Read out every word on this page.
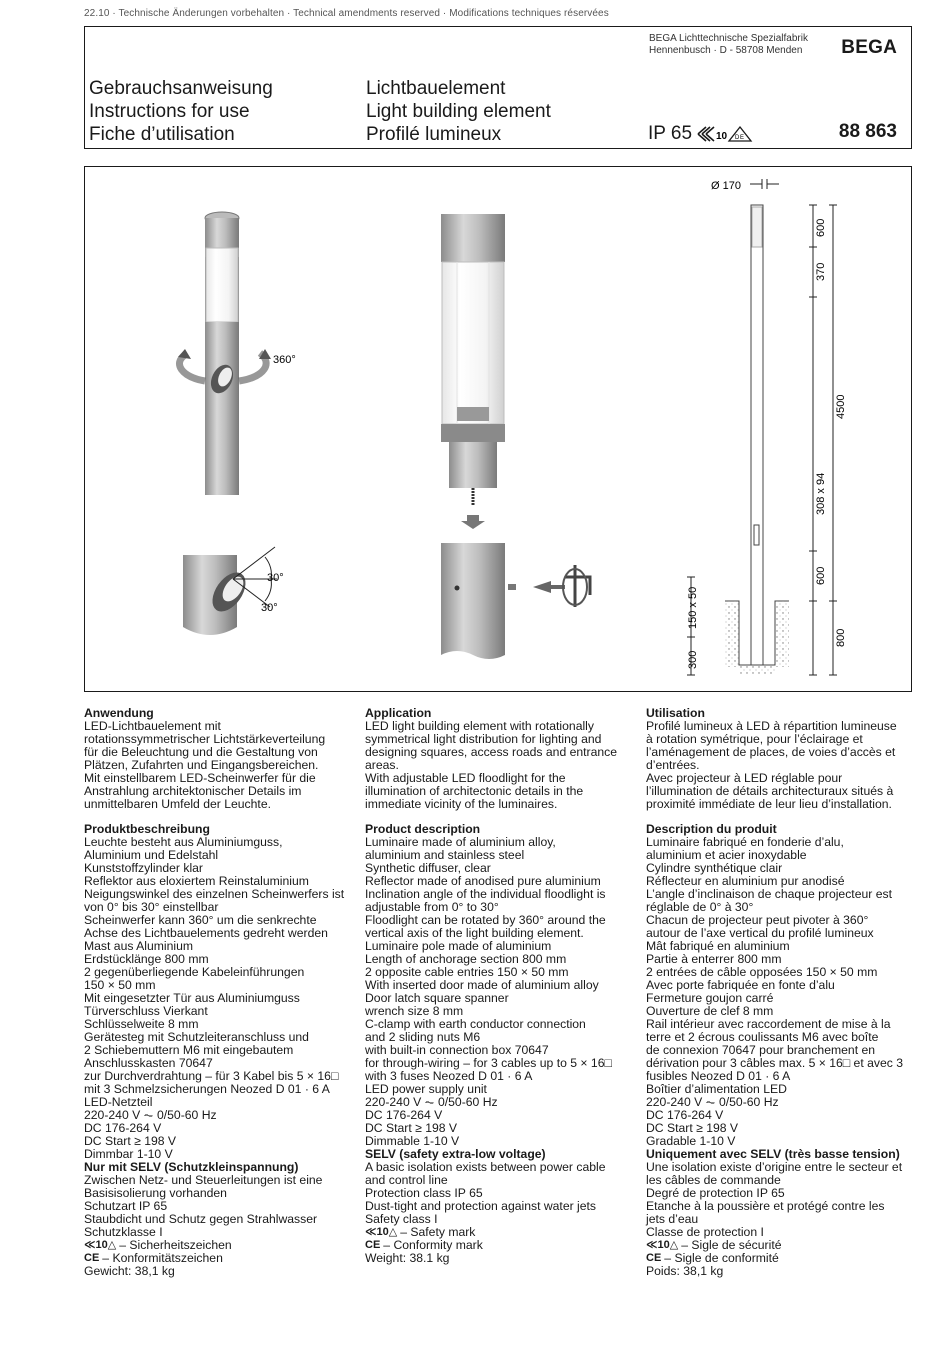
22.10 · Technische Änderungen vorbehalten · Technical amendments reserved · Modifications techniques réservées
BEGA Lichttechnische Spezialfabrik
Hennenbusch · D - 58708 Menden BEGA
Gebrauchsanweisung
Instructions for use
Fiche d’utilisation
Lichtbauelement
Light building element
Profilé lumineux	IP 65 10 D E	88 863
360°
30°
30°
Ø 170
600
370
308 x 94
600
4500
800
150 x 50
300
Anwendung

LED-Lichtbauelement mit

rotationssymmetrischer Lichtstärkeverteilung

für die Beleuchtung und die Gestaltung von

Plätzen, Zufahrten und Eingangsbereichen.

Mit einstellbarem LED-Scheinwerfer für die

Anstrahlung architektonischer Details im

unmittelbaren Umfeld der Leuchte.

Produktbeschreibung

Leuchte besteht aus Aluminiumguss,

Aluminium und Edelstahl

Kunststoffzylinder klar

Reflektor aus eloxiertem Reinstaluminium

Neigungswinkel des einzelnen Scheinwerfers ist

von 0° bis 30° einstellbar

Scheinwerfer kann 360° um die senkrechte

Achse des Lichtbauelements gedreht werden

Mast aus Aluminium

Erdstücklänge 800 mm

2 gegenüberliegende Kabeleinführungen

150 × 50 mm

Mit eingesetzter Tür aus Aluminiumguss

Türverschluss Vierkant

Schlüsselweite 8 mm

Gerätesteg mit Schutzleiteranschluss und

2 Schiebemuttern M6 mit eingebautem

Anschlusskasten 70647

zur Durchverdrahtung – für 3 Kabel bis 5 × 16□

mit 3 Schmelzsicherungen Neozed D 01 · 6 A

LED-Netzteil

220-240 V ⏦ 0/50-60 Hz

DC 176-264 V

DC Start ≥ 198 V

Dimmbar 1-10 V

Nur mit SELV (Schutzkleinspannung)

Zwischen Netz- und Steuerleitungen ist eine

Basisisolierung vorhanden

Schutzart IP 65

Staubdicht und Schutz gegen Strahlwasser

Schutzklasse I

≪10△ – Sicherheitszeichen

CE – Konformitätszeichen

Gewicht: 38,1 kg

Application

LED light building element with rotationally

symmetrical light distribution for lighting and

designing squares, access roads and entrance

areas.

With adjustable LED floodlight for the

illumination of architectonic details in the

immediate vicinity of the luminaires.

Product description

Luminaire made of aluminium alloy,

aluminium and stainless steel

Synthetic diffuser, clear

Reflector made of anodised pure aluminium

Inclination angle of the individual floodlight is

adjustable from 0° to 30°

Floodlight can be rotated by 360° around the

vertical axis of the light building element.

Luminaire pole made of aluminium

Length of anchorage section 800 mm

2 opposite cable entries 150 × 50 mm

With inserted door made of aluminium alloy

Door latch square spanner

wrench size 8 mm

C-clamp with earth conductor connection

and 2 sliding nuts M6

with built-in connection box 70647

for through-wiring – for 3 cables up to 5 × 16□

with 3 fuses Neozed D 01 · 6 A

LED power supply unit

220-240 V ⏦ 0/50-60 Hz

DC 176-264 V

DC Start ≥ 198 V

Dimmable 1-10 V

SELV (safety extra-low voltage)

A basic isolation exists between power cable

and control line

Protection class IP 65

Dust-tight and protection against water jets

Safety class I

≪10△ – Safety mark

CE – Conformity mark

Weight: 38.1 kg

Utilisation

Profilé lumineux à LED à répartition lumineuse

à rotation symétrique, pour l’éclairage et

l’aménagement de places, de voies d’accès et

d’entrées.

Avec projecteur à LED réglable pour

l’illumination de détails architecturaux situés à

proximité immédiate de leur lieu d’installation.

Description du produit

Luminaire fabriqué en fonderie d’alu,

aluminium et acier inoxydable

Cylindre synthétique clair

Réflecteur en aluminium pur anodisé

L’angle d’inclinaison de chaque projecteur est

réglable de 0° à 30°

Chacun de projecteur peut pivoter à 360°

autour de l’axe vertical du profilé lumineux

Mât fabriqué en aluminium

Partie à enterrer 800 mm

2 entrées de câble opposées 150 × 50 mm

Avec porte fabriquée en fonte d’alu

Fermeture goujon carré

Ouverture de clef 8 mm

Rail intérieur avec raccordement de mise à la

terre et 2 écrous coulissants M6 avec boîte

de connexion 70647 pour branchement en

dérivation pour 3 câbles max. 5 × 16□ et avec 3

fusibles Neozed D 01 · 6 A

Boîtier d’alimentation LED

220-240 V ⏦ 0/50-60 Hz

DC 176-264 V

DC Start ≥ 198 V

Gradable 1-10 V

Uniquement avec SELV (très basse tension)

Une isolation existe d’origine entre le secteur et

les câbles de commande

Degré de protection IP 65

Etanche à la poussière et protégé contre les

jets d’eau

Classe de protection I

≪10△ – Sigle de sécurité

CE – Sigle de conformité

Poids: 38,1 kg
